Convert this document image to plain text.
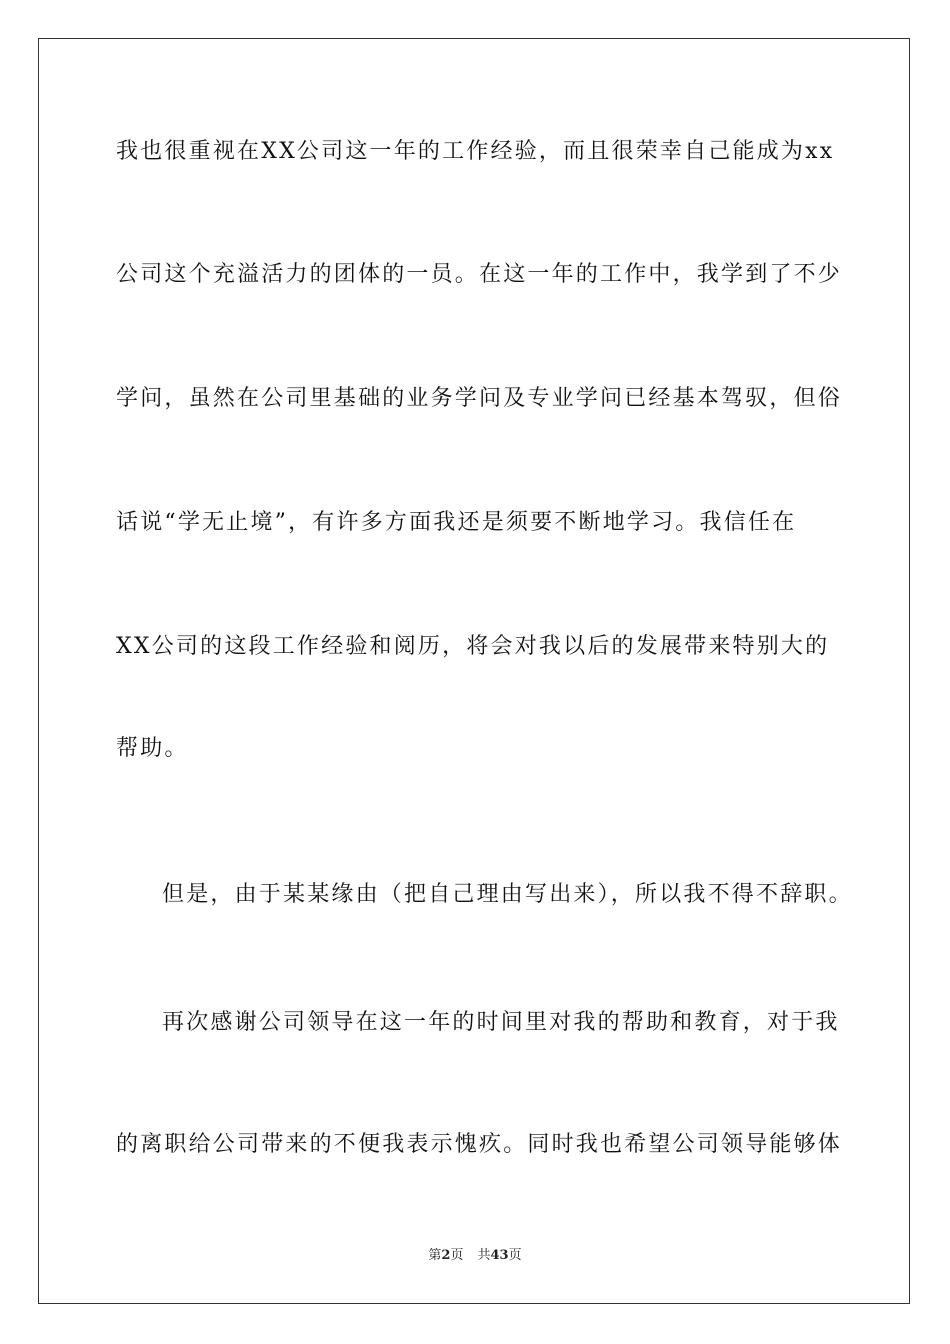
我也很重视在XX公司这一年的工作经验，而且很荣幸自己能成为xx
公司这个充溢活力的团体的一员。在这一年的工作中，我学到了不少
学问，虽然在公司里基础的业务学问及专业学问已经基本驾驭，但俗
话说“学无止境”，有许多方面我还是须要不断地学习。我信任在
XX公司的这段工作经验和阅历，将会对我以后的发展带来特别大的
帮助。
但是，由于某某缘由（把自己理由写出来），所以我不得不辞职。
再次感谢公司领导在这一年的时间里对我的帮助和教育，对于我
的离职给公司带来的不便我表示愧疚。同时我也希望公司领导能够体
第2页 共43页
